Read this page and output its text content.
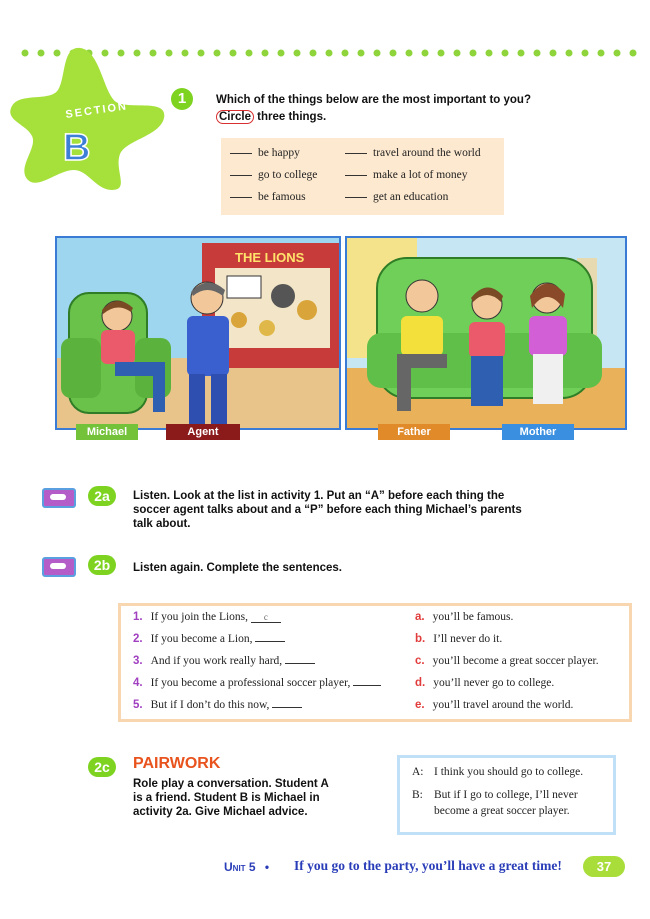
SECTION
B
1	Which of the things below are the most important to you?
Circle three things.
be happy
go to college
be famous
travel around the world
make a lot of money
get an education
THE LIONS
Michael	Agent	Father	Mother
2a	Listen. Look at the list in activity 1. Put an “A” before each thing the
soccer agent talks about and a “P” before each thing Michael’s parents
talk about.
2b	Listen again. Complete the sentences.
1. If you join the Lions, c
2. If you become a Lion,
3. And if you work really hard,
4. If you become a professional soccer player,
5. But if I don’t do this now,
a. you’ll be famous.
b. I’ll never do it.
c. you’ll become a great soccer player.
d. you’ll never go to college.
e. you’ll travel around the world.
2c	PAIRWORK
Role play a conversation. Student A
is a friend. Student B is Michael in
activity 2a. Give Michael advice.
A: I think you should go to college.
B: But if I go to college, I’ll never
become a great soccer player.
Unit 5 • If you go to the party, you’ll have a great time!	37
